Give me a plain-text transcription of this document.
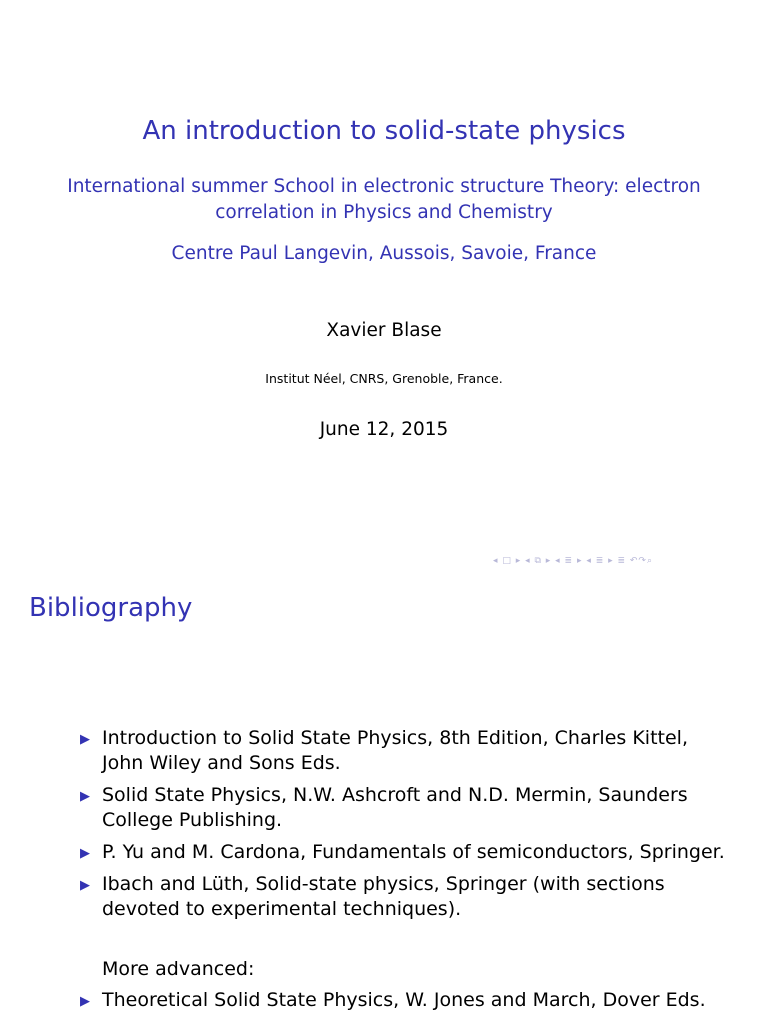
An introduction to solid-state physics
International summer School in electronic structure Theory: electron correlation in Physics and Chemistry
Centre Paul Langevin, Aussois, Savoie, France
Xavier Blase
Institut Néel, CNRS, Grenoble, France.
June 12, 2015
◂ □ ▸ ◂ ⧉ ▸ ◂ ≣ ▸ ◂ ≣ ▸ ≣ ↶↷⌕
Bibliography
▶ Introduction to Solid State Physics, 8th Edition, Charles Kittel, John Wiley and Sons Eds.
▶ Solid State Physics, N.W. Ashcroft and N.D. Mermin, Saunders College Publishing.
▶ P. Yu and M. Cardona, Fundamentals of semiconductors, Springer.
▶ Ibach and Lüth, Solid-state physics, Springer (with sections devoted to experimental techniques).
More advanced:
▶ Theoretical Solid State Physics, W. Jones and March, Dover Eds.
